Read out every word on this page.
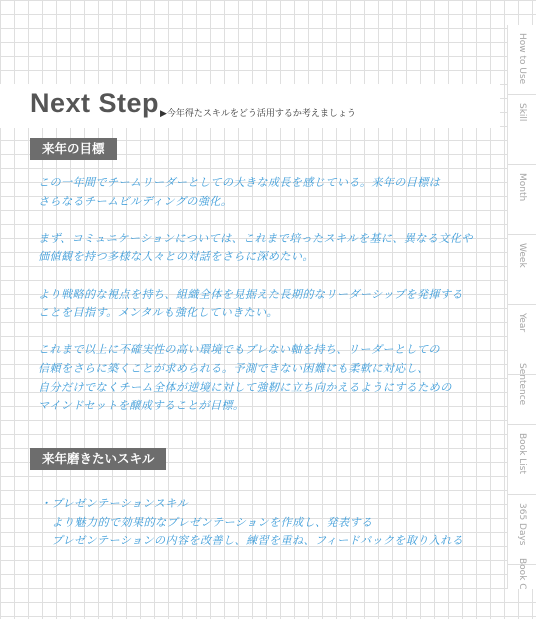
Next Step ▶今年得たスキルをどう活用するか考えましょう
来年の目標

この一年間でチームリーダーとしての大きな成長を感じている。来年の目標は
さらなるチームビルディングの強化。

まず、コミュニケーションについては、これまで培ったスキルを基に、異なる文化や
価値観を持つ多様な人々との対話をさらに深めたい。

より戦略的な視点を持ち、組織全体を見据えた長期的なリーダーシップを発揮する
ことを目指す。メンタルも強化していきたい。

これまで以上に不確実性の高い環境でもブレない軸を持ち、リーダーとしての
信頼をさらに築くことが求められる。予測できない困難にも柔軟に対応し、
自分だけでなくチーム全体が逆境に対して強靭に立ち向かえるようにするための
マインドセットを醸成することが目標。

来年磨きたいスキル

・プレゼンテーションスキル
　より魅力的で効果的なプレゼンテーションを作成し、発表する
　プレゼンテーションの内容を改善し、練習を重ね、フィードバックを取り入れる

How to Use
Skill
Month
Week
Year
Sentence
Book List
365 Days
Book C
